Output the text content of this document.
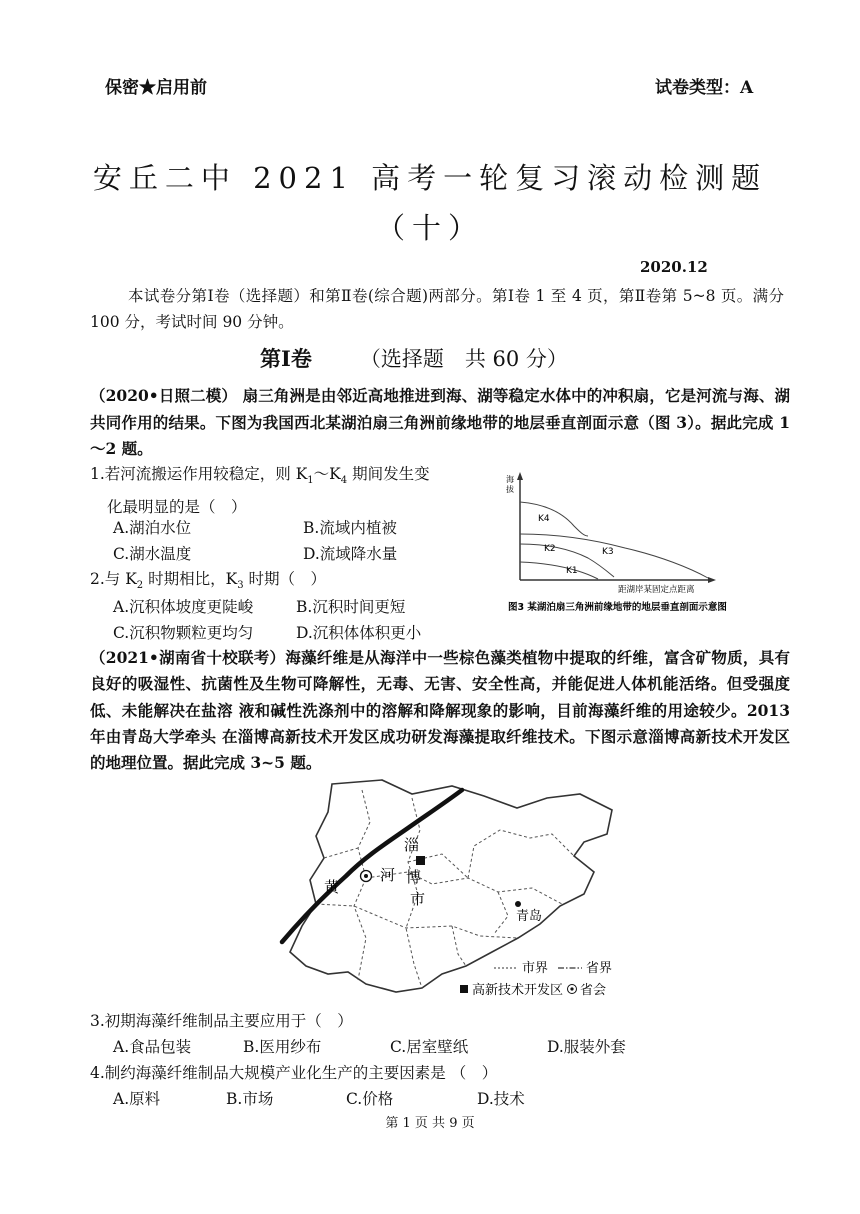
保密★启用前	试卷类型：A
安丘二中 2021 高考一轮复习滚动检测题
（十）
2020.12
本试卷分第Ⅰ卷（选择题）和第Ⅱ卷(综合题)两部分。第Ⅰ卷 1 至 4 页，第Ⅱ卷第 5~8 页。满分 100 分，考试时间 90 分钟。
第Ⅰ卷 （选择题　共 60 分）
（2020•日照二模） 扇三角洲是由邻近高地推进到海、湖等稳定水体中的冲积扇，它是河流与海、湖共同作用的结果。下图为我国西北某湖泊扇三角洲前缘地带的地层垂直剖面示意（图 3）。据此完成 1～2 题。
1.若河流搬运作用较稳定，则 $K_1\sim K_4$ 期间发生变
化最明显的是（　）
A.湖泊水位	B.流域内植被
C.湖水温度	D.流域降水量
2.与 $K_2$ 时期相比，$K_3$ 时期（　）
A.沉积体坡度更陡峻	B.沉积时间更短
C.沉积物颗粒更均匀	D.沉积体体积更小
海
拔
K4
K2	K3
K1
距湖岸某固定点距离
图3 某湖泊扇三角洲前缘地带的地层垂直剖面示意图
（2021•湖南省十校联考）海藻纤维是从海洋中一些棕色藻类植物中提取的纤维，富含矿物质，具有良好的吸湿性、抗菌性及生物可降解性，无毒、无害、安全性高，并能促进人体机能活络。但受强度低、未能解决在盐溶 液和碱性洗涤剂中的溶解和降解现象的影响，目前海藻纤维的用途较少。2013 年由青岛大学牵头 在淄博高新技术开发区成功研发海藻提取纤维技术。下图示意淄博高新技术开发区的地理位置。据此完成 3~5 题。
黄
河
淄
博
市
青岛
市界	省界
高新技术开发区 省会
3.初期海藻纤维制品主要应用于（　）
A.食品包装	B.医用纱布	C.居室壁纸	D.服装外套
4.制约海藻纤维制品大规模产业化生产的主要因素是 （　）
A.原料	B.市场	C.价格	D.技术
第 1 页 共 9 页
